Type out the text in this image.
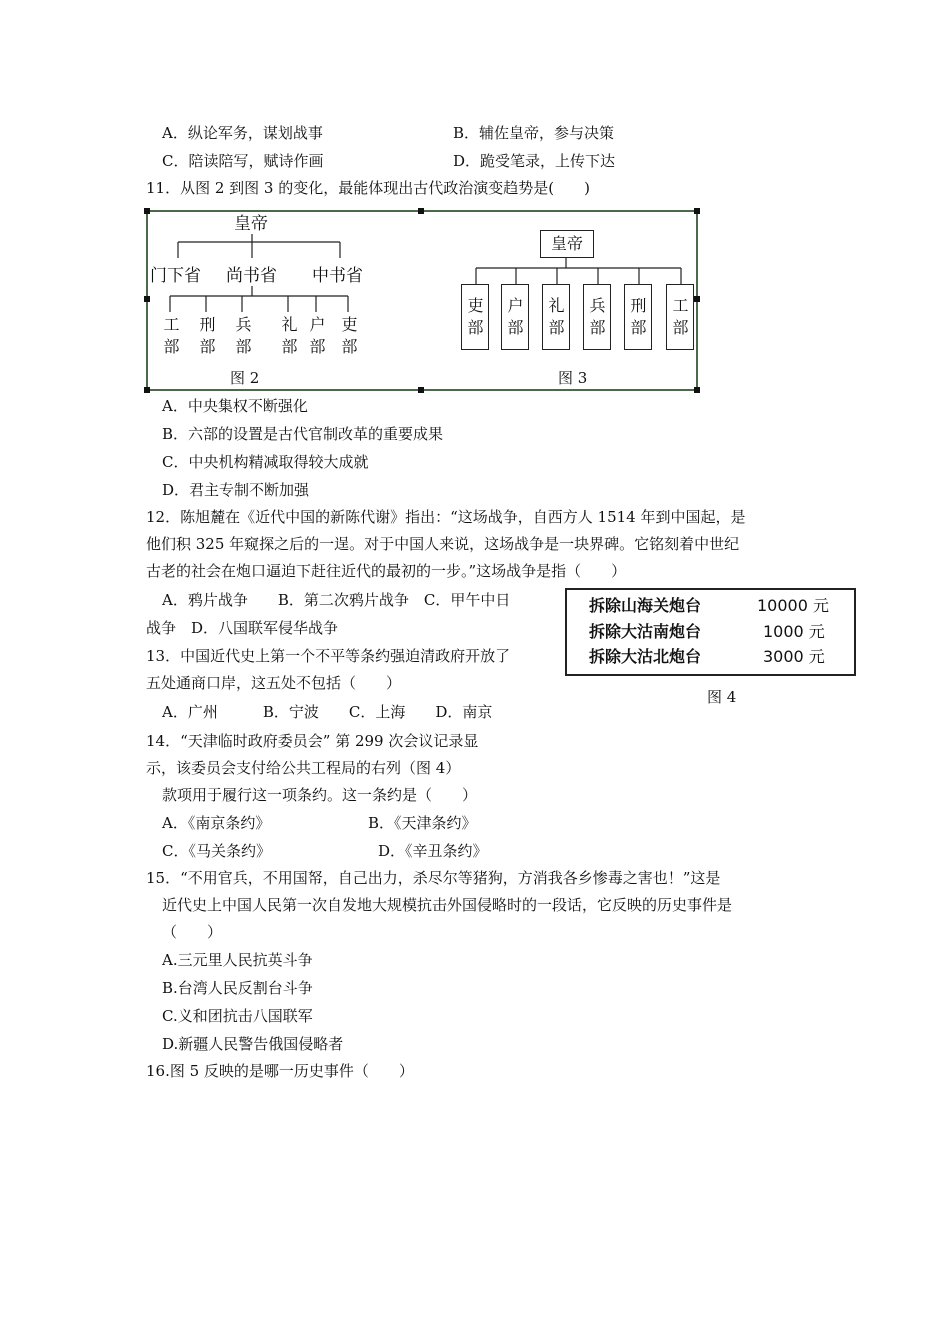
A．纵论军务，谋划战事	B．辅佐皇帝，参与决策
C．陪读陪写，赋诗作画	D．跪受笔录，上传下达
11．从图 2 到图 3 的变化，最能体现出古代政治演变趋势是(　　)
皇帝
门下省 尚书省 中书省
工部 刑部 兵部 礼部 户部 吏部
图 2
皇帝
吏部	户部	礼部	兵部	刑部	工部
图 3
A．中央集权不断强化
B．六部的设置是古代官制改革的重要成果
C．中央机构精减取得较大成就
D．君主专制不断加强
12．陈旭麓在《近代中国的新陈代谢》指出：“这场战争，自西方人 1514 年到中国起，是
他们积 325 年窥探之后的一逞。对于中国人来说，这场战争是一块界碑。它铭刻着中世纪
古老的社会在炮口逼迫下赶往近代的最初的一步。”这场战争是指（　　）
A．鸦片战争　　B．第二次鸦片战争　C．甲午中日
战争　D．八国联军侵华战争
拆除山海关炮台	10000 元
拆除大沽南炮台	1000 元
拆除大沽北炮台	3000 元
图 4
13．中国近代史上第一个不平等条约强迫清政府开放了
五处通商口岸，这五处不包括（　　）
A．广州　　　B．宁波　　C．上海　　D．南京
14．“天津临时政府委员会” 第 299 次会议记录显
示，该委员会支付给公共工程局的右列（图 4）
款项用于履行这一项条约。这一条约是（　　）
A．《南京条约》	B．《天津条约》
C．《马关条约》	D．《辛丑条约》
15．“不用官兵，不用国帑，自己出力，杀尽尔等猪狗，方消我各乡惨毒之害也！”这是
近代史上中国人民第一次自发地大规模抗击外国侵略时的一段话，它反映的历史事件是
（　　）
A.三元里人民抗英斗争
B.台湾人民反割台斗争
C.义和团抗击八国联军
D.新疆人民警告俄国侵略者
16.图 5 反映的是哪一历史事件（　　）
